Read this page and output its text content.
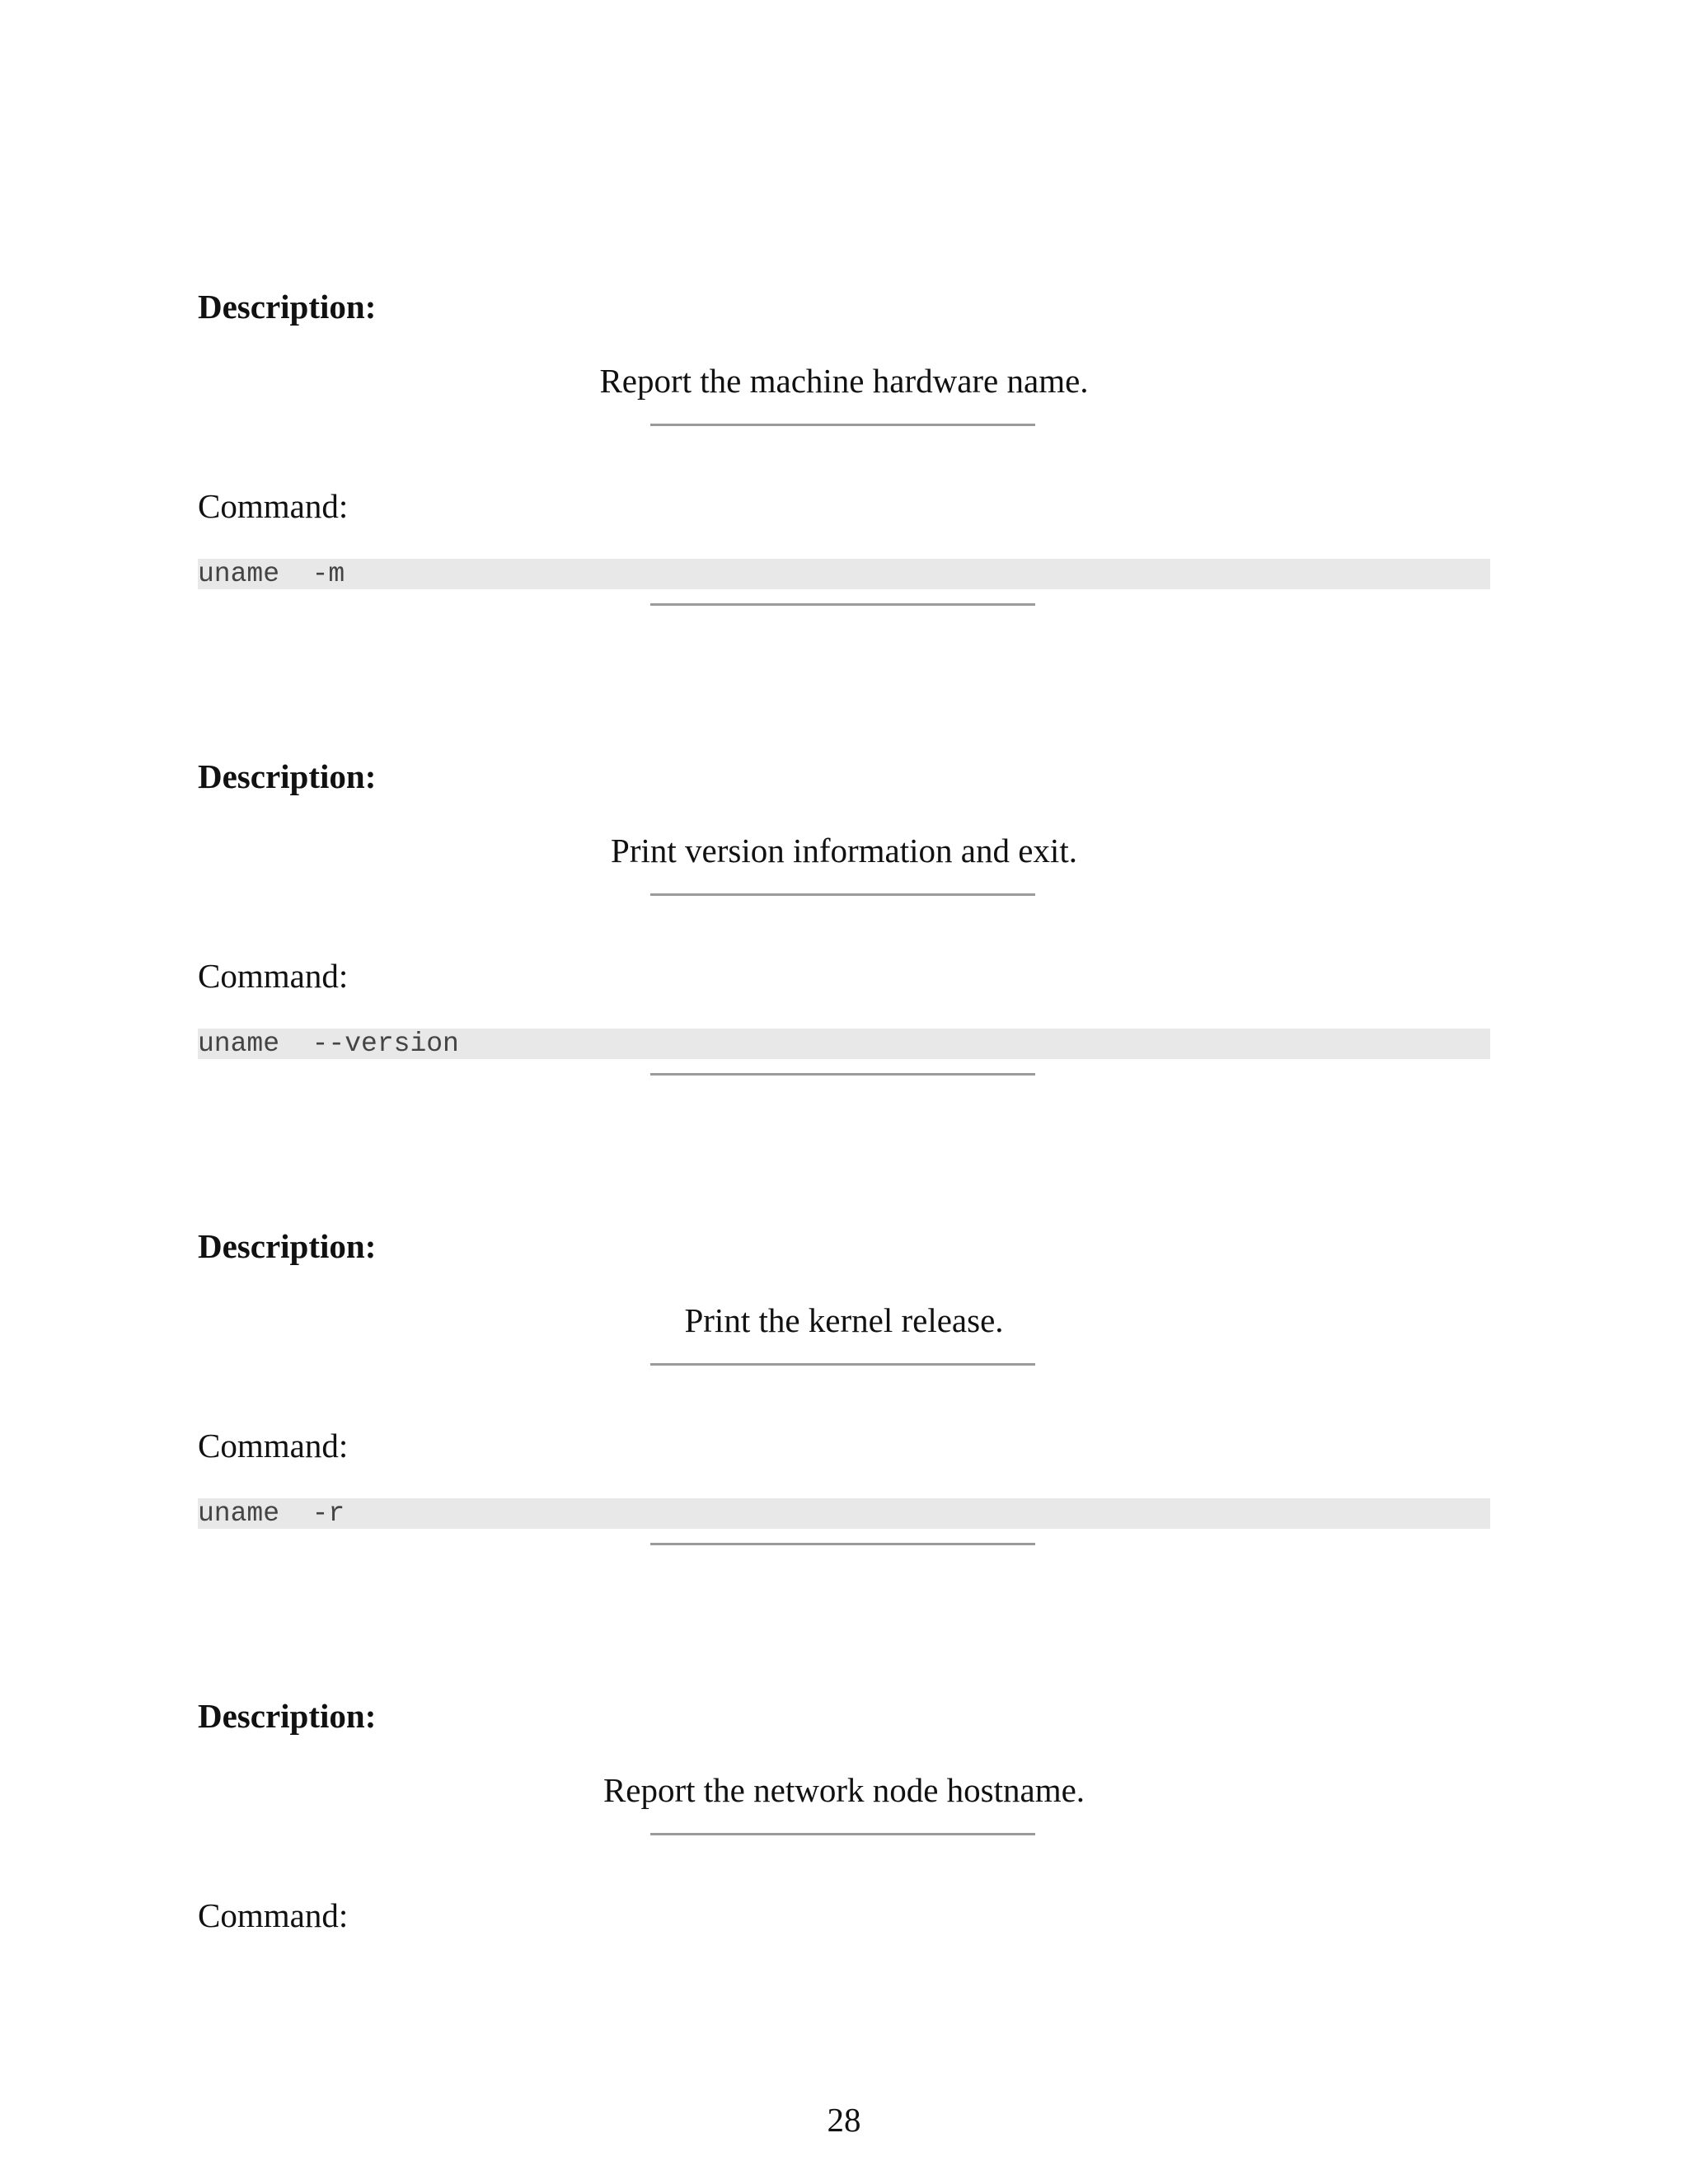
Description:
Report the machine hardware name.
Command:
uname  -m
Description:
Print version information and exit.
Command:
uname  --version
Description:
Print the kernel release.
Command:
uname  -r
Description:
Report the network node hostname.
Command:
28
